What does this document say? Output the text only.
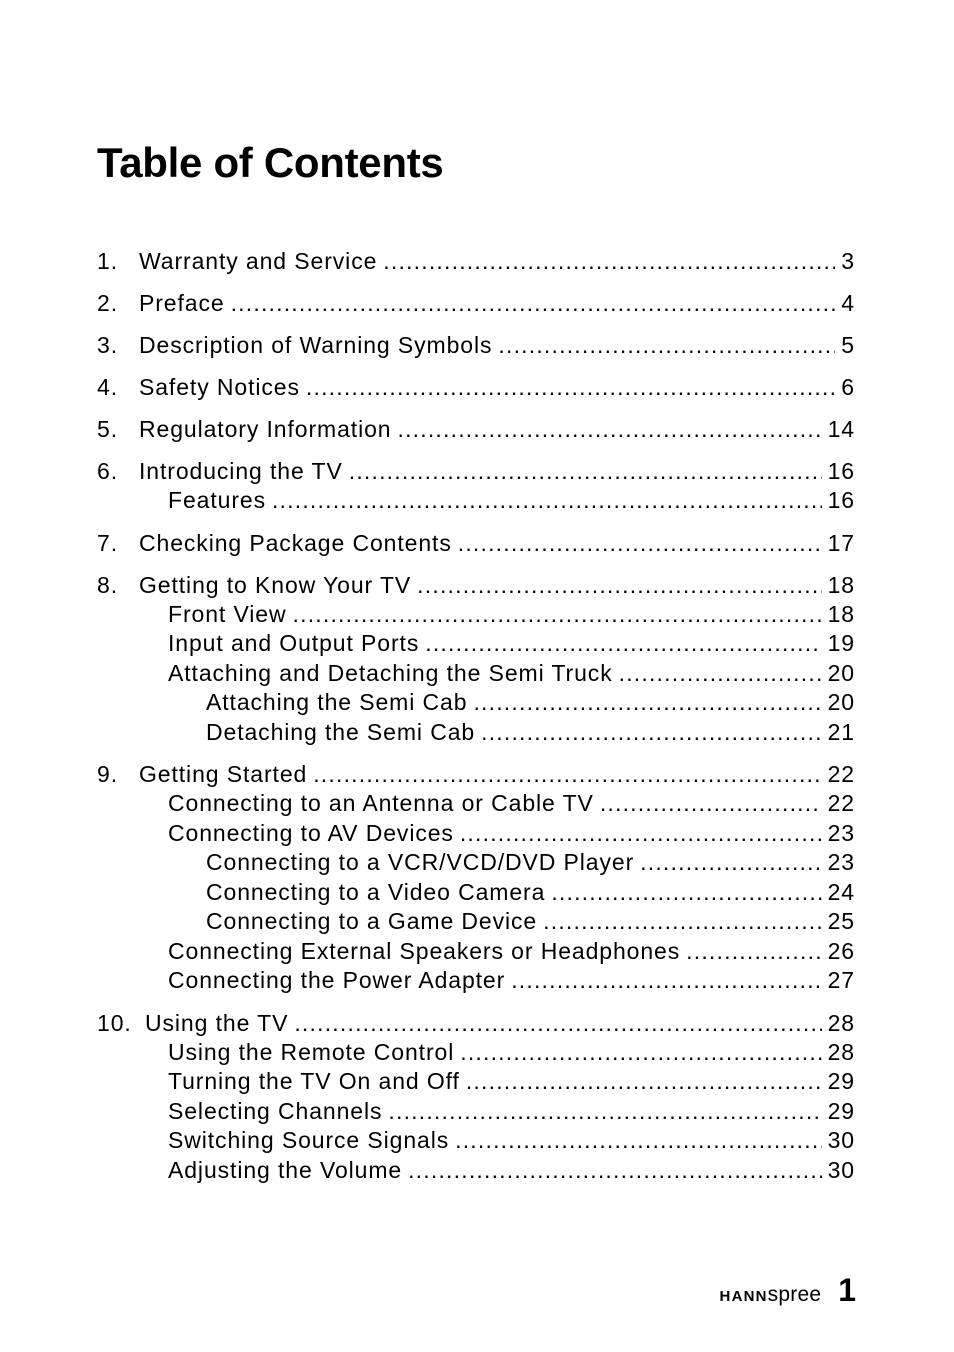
Table of Contents
1. Warranty and Service .....	3
2. Preface .....	4
3. Description of Warning Symbols .....	5
4. Safety Notices .....	6
5. Regulatory Information .....	14
6. Introducing the TV .....	16
Features .....	16
7. Checking Package Contents .....	17
8. Getting to Know Your TV .....	18
Front View .....	18
Input and Output Ports .....	19
Attaching and Detaching the Semi Truck .....	20
Attaching the Semi Cab .....	20
Detaching the Semi Cab .....	21
9. Getting Started .....	22
Connecting to an Antenna or Cable TV .....	22
Connecting to AV Devices .....	23
Connecting to a VCR/VCD/DVD Player .....	23
Connecting to a Video Camera .....	24
Connecting to a Game Device .....	25
Connecting External Speakers or Headphones .....	26
Connecting the Power Adapter .....	27
10. Using the TV .....	28
Using the Remote Control .....	28
Turning the TV On and Off .....	29
Selecting Channels .....	29
Switching Source Signals .....	30
Adjusting the Volume .....	30
HANNspree 1
